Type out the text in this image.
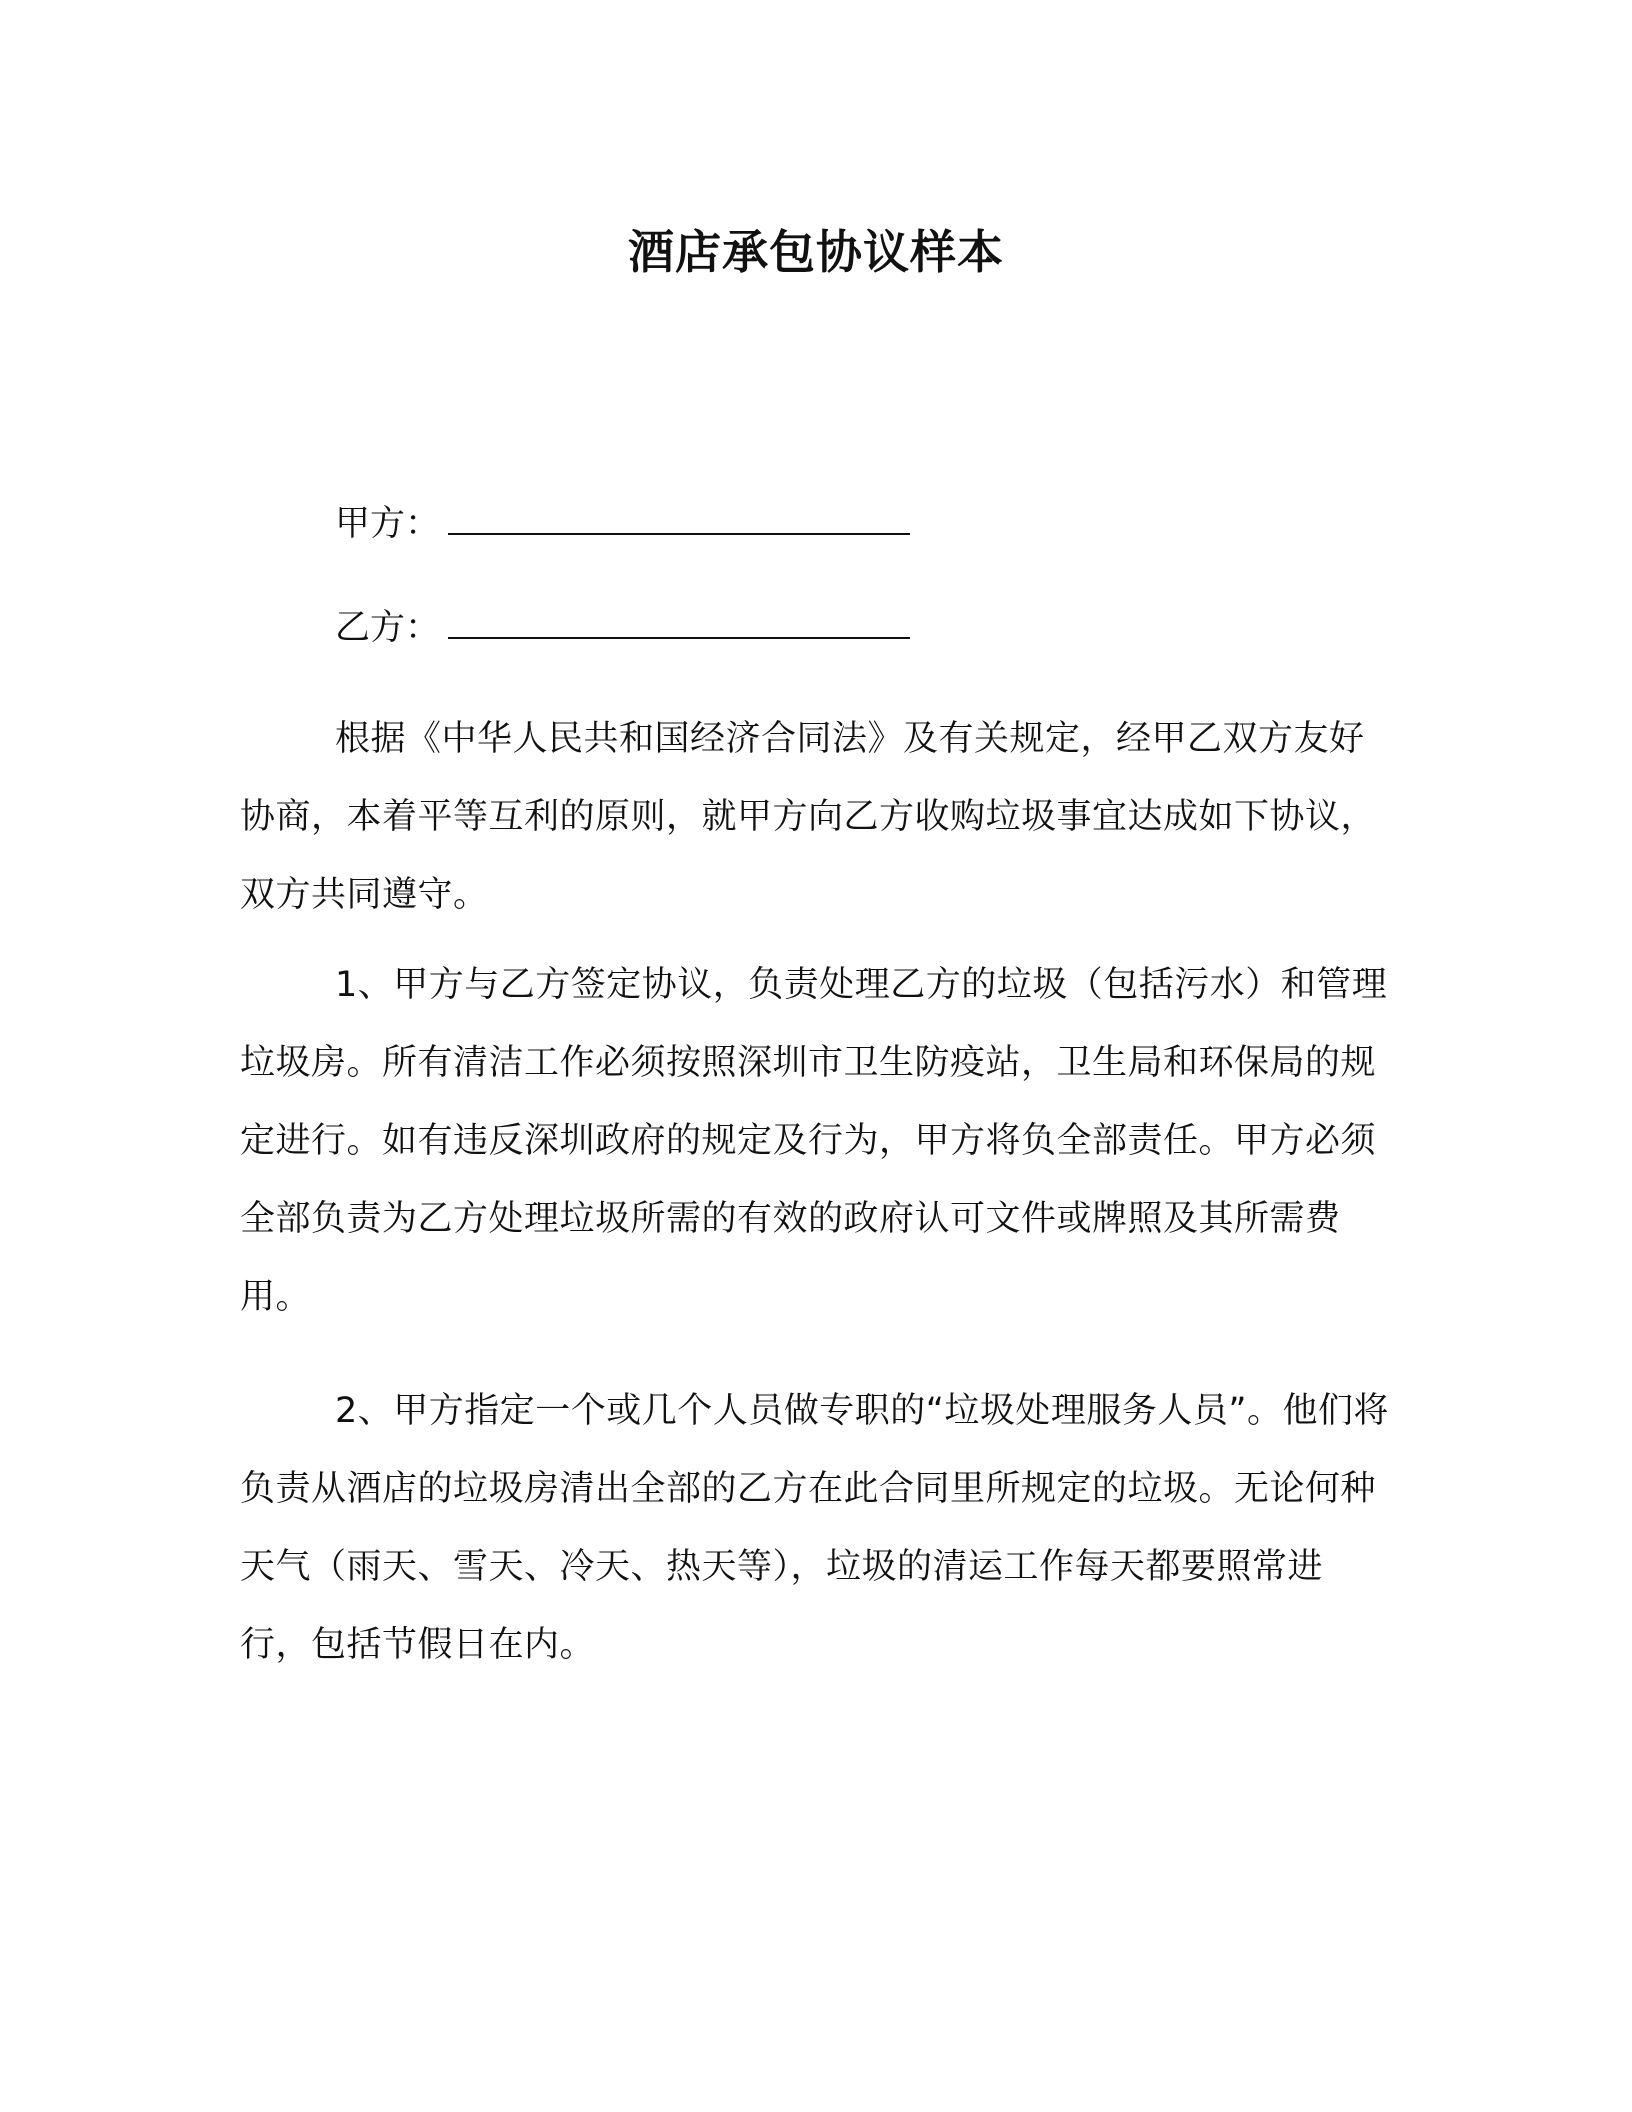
酒店承包协议样本
甲方：
乙方：

根据《中华人民共和国经济合同法》及有关规定，经甲乙双方友好协商，本着平等互利的原则，就甲方向乙方收购垃圾事宜达成如下协议，双方共同遵守。

1、甲方与乙方签定协议，负责处理乙方的垃圾（包括污水）和管理垃圾房。所有清洁工作必须按照深圳市卫生防疫站，卫生局和环保局的规定进行。如有违反深圳政府的规定及行为，甲方将负全部责任。甲方必须全部负责为乙方处理垃圾所需的有效的政府认可文件或牌照及其所需费用。

2、甲方指定一个或几个人员做专职的“垃圾处理服务人员”。他们将负责从酒店的垃圾房清出全部的乙方在此合同里所规定的垃圾。无论何种天气（雨天、雪天、冷天、热天等），垃圾的清运工作每天都要照常进行，包括节假日在内。
